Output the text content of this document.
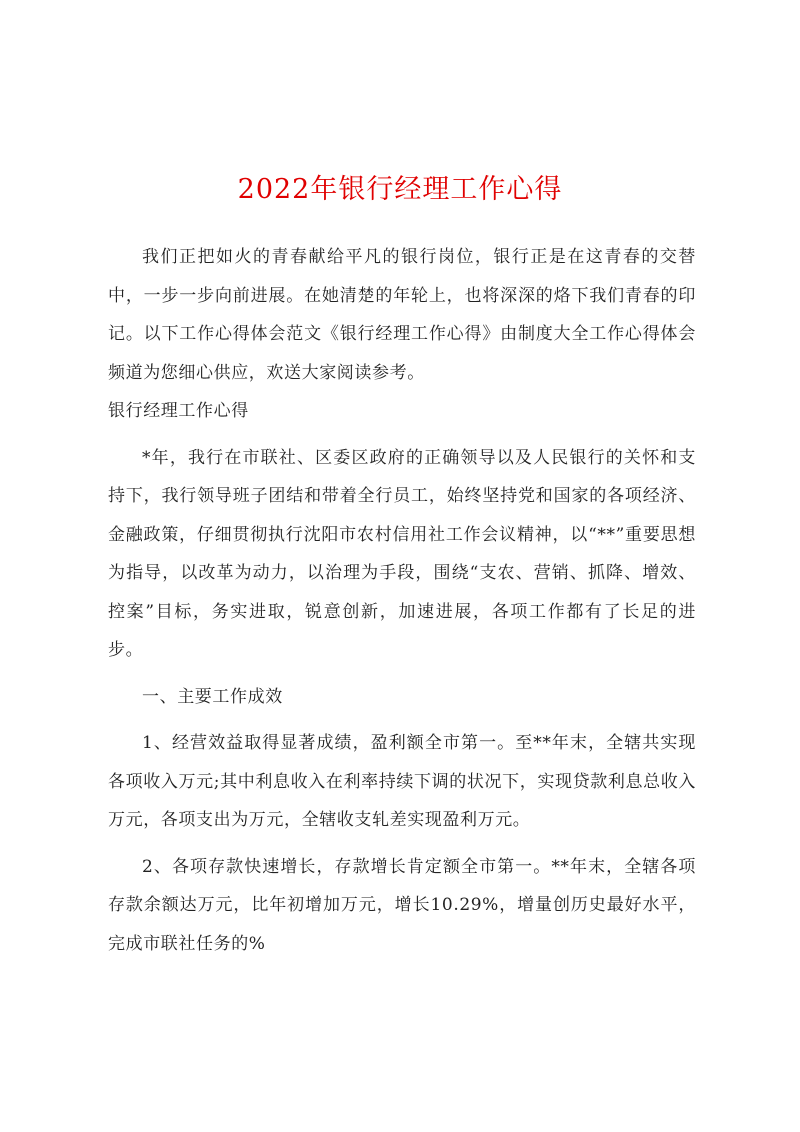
2022年银行经理工作心得

我们正把如火的青春献给平凡的银行岗位，银行正是在这青春的交替中，一步一步向前进展。在她清楚的年轮上，也将深深的烙下我们青春的印记。以下工作心得体会范文《银行经理工作心得》由制度大全工作心得体会频道为您细心供应，欢送大家阅读参考。

银行经理工作心得

*年，我行在市联社、区委区政府的正确领导以及人民银行的关怀和支持下，我行领导班子团结和带着全行员工，始终坚持党和国家的各项经济、金融政策，仔细贯彻执行沈阳市农村信用社工作会议精神，以“**”重要思想为指导，以改革为动力，以治理为手段，围绕“支农、营销、抓降、增效、控案”目标，务实进取，锐意创新，加速进展，各项工作都有了长足的进步。

一、主要工作成效

1、经营效益取得显著成绩，盈利额全市第一。至**年末，全辖共实现各项收入万元;其中利息收入在利率持续下调的状况下，实现贷款利息总收入万元，各项支出为万元，全辖收支轧差实现盈利万元。

2、各项存款快速增长，存款增长肯定额全市第一。**年末，全辖各项存款余额达万元，比年初增加万元，增长10.29%，增量创历史最好水平，完成市联社任务的%
